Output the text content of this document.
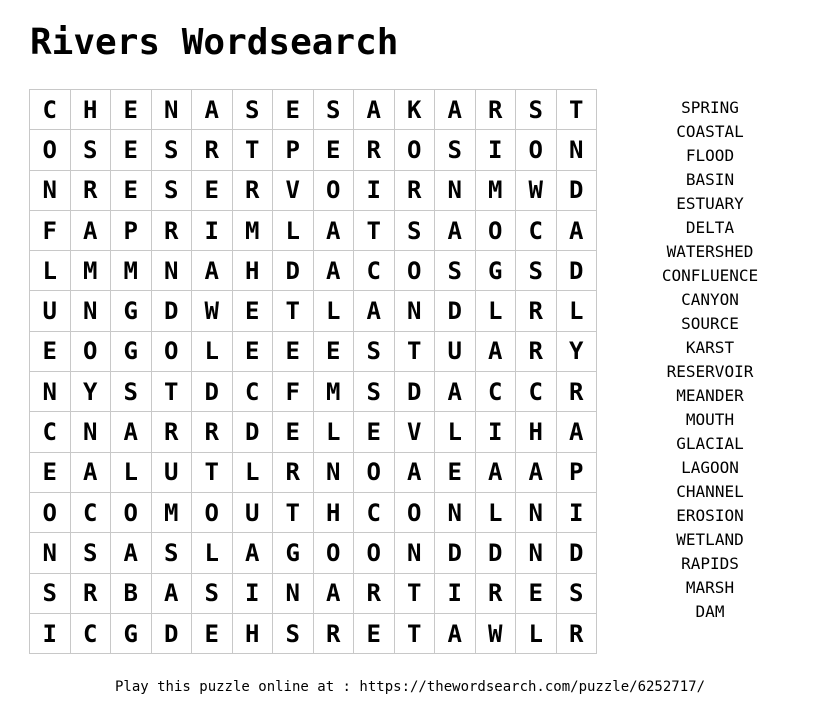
Rivers Wordsearch
C	H	E	N	A	S	E	S	A	K	A	R	S	T
O	S	E	S	R	T	P	E	R	O	S	I	O	N
N	R	E	S	E	R	V	O	I	R	N	M	W	D
F	A	P	R	I	M	L	A	T	S	A	O	C	A
L	M	M	N	A	H	D	A	C	O	S	G	S	D
U	N	G	D	W	E	T	L	A	N	D	L	R	L
E	O	G	O	L	E	E	E	S	T	U	A	R	Y
N	Y	S	T	D	C	F	M	S	D	A	C	C	R
C	N	A	R	R	D	E	L	E	V	L	I	H	A
E	A	L	U	T	L	R	N	O	A	E	A	A	P
O	C	O	M	O	U	T	H	C	O	N	L	N	I
N	S	A	S	L	A	G	O	O	N	D	D	N	D
S	R	B	A	S	I	N	A	R	T	I	R	E	S
I	C	G	D	E	H	S	R	E	T	A	W	L	R
SPRING
COASTAL
FLOOD
BASIN
ESTUARY
DELTA
WATERSHED
CONFLUENCE
CANYON
SOURCE
KARST
RESERVOIR
MEANDER
MOUTH
GLACIAL
LAGOON
CHANNEL
EROSION
WETLAND
RAPIDS
MARSH
DAM
Play this puzzle online at : https://thewordsearch.com/puzzle/6252717/
